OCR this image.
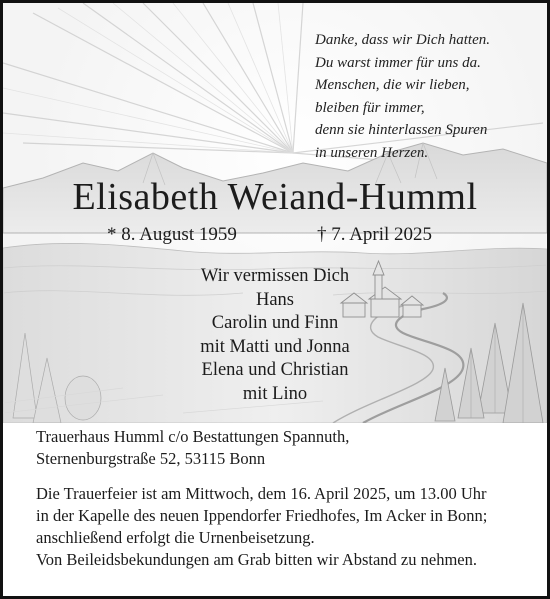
Danke, dass wir Dich hatten.
Du warst immer für uns da.
Menschen, die wir lieben,
bleiben für immer,
denn sie hinterlassen Spuren
in unseren Herzen.
Elisabeth Weiand-Humml
* 8. August 1959	† 7. April 2025
Wir vermissen Dich
Hans
Carolin und Finn
mit Matti und Jonna
Elena und Christian
mit Lino
Trauerhaus Humml c/o Bestattungen Spannuth,
Sternenburgstraße 52, 53115 Bonn
Die Trauerfeier ist am Mittwoch, dem 16. April 2025, um 13.00 Uhr
in der Kapelle des neuen Ippendorfer Friedhofes, Im Acker in Bonn;
anschließend erfolgt die Urnenbeisetzung.
Von Beileidsbekundungen am Grab bitten wir Abstand zu nehmen.
